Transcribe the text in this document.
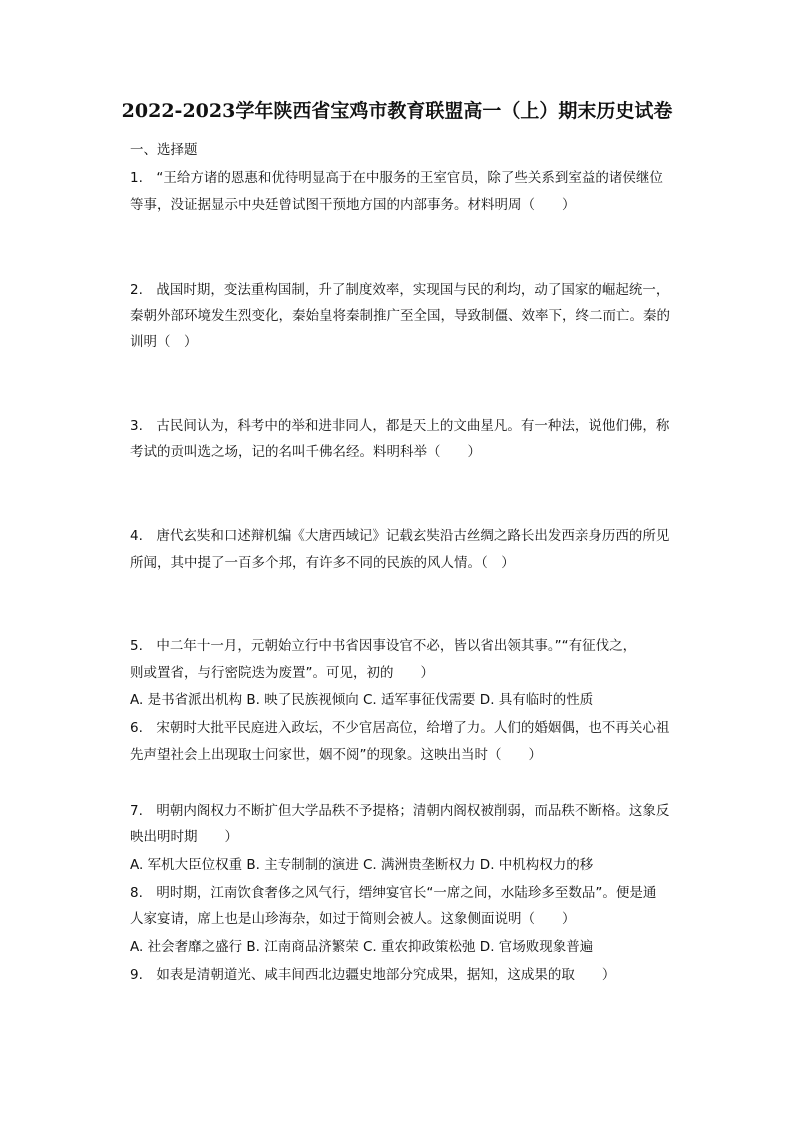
2022-2023学年陕西省宝鸡市教育联盟高一（上）期末历史试卷
一、选择题
1.　“王给方诸的恩惠和优待明显高于在中服务的王室官员，除了些关系到室益的诸侯继位
等事，没证据显示中央廷曾试图干预地方国的内部事务。材料明周（　　）
2.　战国时期，变法重构国制，升了制度效率，实现国与民的利均，动了国家的崛起统一，
秦朝外部环境发生烈变化，秦始皇将秦制推广至全国，导致制僵、效率下，终二而亡。秦的
训明（　）
3.　古民间认为，科考中的举和进非同人，都是天上的文曲星凡。有一种法，说他们佛，称
考试的贡叫选之场，记的名叫千佛名经。料明科举（　　）
4.　唐代玄奘和口述辩机编《大唐西域记》记载玄奘沿古丝绸之路长出发西亲身历西的所见
所闻，其中提了一百多个邦，有许多不同的民族的风人情。（　）
5.　中二年十一月，元朝始立行中书省因事设官不必，皆以省出领其事。”“有征伐之，
则或置省，与行密院迭为废置”。可见，初的　　）
A. 是书省派出机构 B. 映了民族视倾向 C. 适军事征伐需要 D. 具有临时的性质
6.　宋朝时大批平民庭进入政坛，不少官居高位，给增了力。人们的婚姻偶，也不再关心祖
先声望社会上出现取士问家世，姻不阅”的现象。这映出当时（　　）
7.　明朝内阁权力不断扩但大学品秩不予提格；清朝内阁权被削弱，而品秩不断格。这象反
映出明时期　　）
A. 军机大臣位权重 B. 主专制制的演进 C. 满洲贵垄断权力 D. 中机构权力的移
8.　明时期，江南饮食奢侈之风气行，缙绅宴官长“一席之间，水陆珍多至数品”。便是通
人家宴请，席上也是山珍海杂，如过于简则会被人。这象侧面说明（　　）
A. 社会奢靡之盛行 B. 江南商品济繁荣 C. 重农抑政策松弛 D. 官场败现象普遍
9.　如表是清朝道光、咸丰间西北边疆史地部分究成果，据知，这成果的取　　）
